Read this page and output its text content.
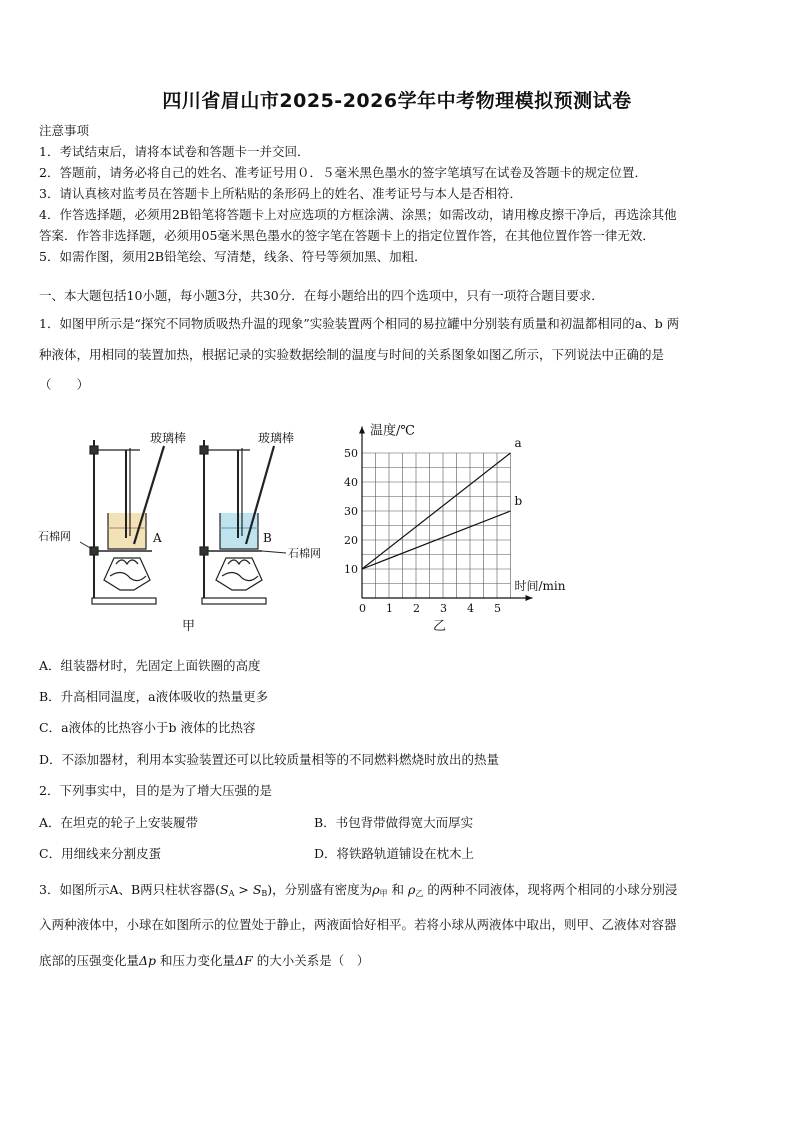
四川省眉山市2025-2026学年中考物理模拟预测试卷
注意事项
1．考试结束后，请将本试卷和答题卡一并交回．
2．答题前，请务必将自己的姓名、准考证号用０．５毫米黑色墨水的签字笔填写在试卷及答题卡的规定位置．
3．请认真核对监考员在答题卡上所粘贴的条形码上的姓名、准考证号与本人是否相符．
4．作答选择题，必须用2B铅笔将答题卡上对应选项的方框涂满、涂黑；如需改动，请用橡皮擦干净后，再选涂其他
答案．作答非选择题，必须用05毫米黑色墨水的签字笔在答题卡上的指定位置作答，在其他位置作答一律无效．
5．如需作图，须用2B铅笔绘、写清楚，线条、符号等须加黑、加粗．
一、本大题包括10小题，每小题3分，共30分．在每小题给出的四个选项中，只有一项符合题目要求．
1．如图甲所示是“探究不同物质吸热升温的现象”实验装置两个相同的易拉罐中分别装有质量和初温都相同的a、b 两
种液体，用相同的装置加热，根据记录的实验数据绘制的温度与时间的关系图象如图乙所示，下列说法中正确的是
（　　）
玻璃棒
石棉网	A
玻璃棒
B
石棉网
甲
0 1 2 3 4 5
10
20
30
40
50
温度/℃
时间/min
a
b
乙
A．组装器材时，先固定上面铁圈的高度
B．升高相同温度，a液体吸收的热量更多
C．a液体的比热容小于b 液体的比热容
D．不添加器材，利用本实验装置还可以比较质量相等的不同燃料燃烧时放出的热量
2．下列事实中，目的是为了增大压强的是
A．在坦克的轮子上安装履带	B．书包背带做得宽大而厚实
C．用细线来分割皮蛋	D．将铁路轨道铺设在枕木上
3．如图所示A、B两只柱状容器$(S_A > S_B)$，分别盛有密度为$\rho_甲$ 和 $\rho_乙$ 的两种不同液体，现将两个相同的小球分别浸
入两种液体中，小球在如图所示的位置处于静止，两液面恰好相平。若将小球从两液体中取出，则甲、乙液体对容器
底部的压强变化量Δp 和压力变化量ΔF 的大小关系是（　）
